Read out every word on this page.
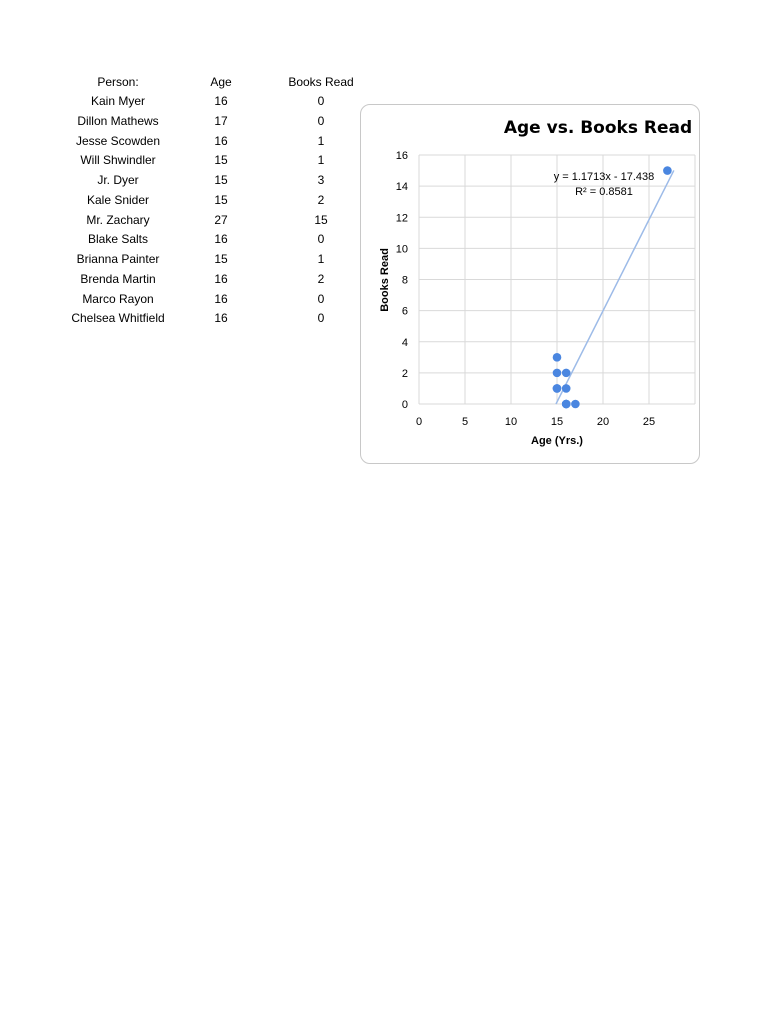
Person:	Age	Books Read
Kain Myer	16	0
Dillon Mathews	17	0
Jesse Scowden	16	1
Will Shwindler	15	1
Jr. Dyer	15	3
Kale Snider	15	2
Mr. Zachary	27	15
Blake Salts	16	0
Brianna Painter	15	1
Brenda Martin	16	2
Marco Rayon	16	0
Chelsea Whitfield	16	0
0
2
4
6
8
10
12
14
16
0	5	10	15	20	25
Age vs. Books Read
y = 1.1713x - 17.438
R² = 0.8581
Age (Yrs.)
Books Read
